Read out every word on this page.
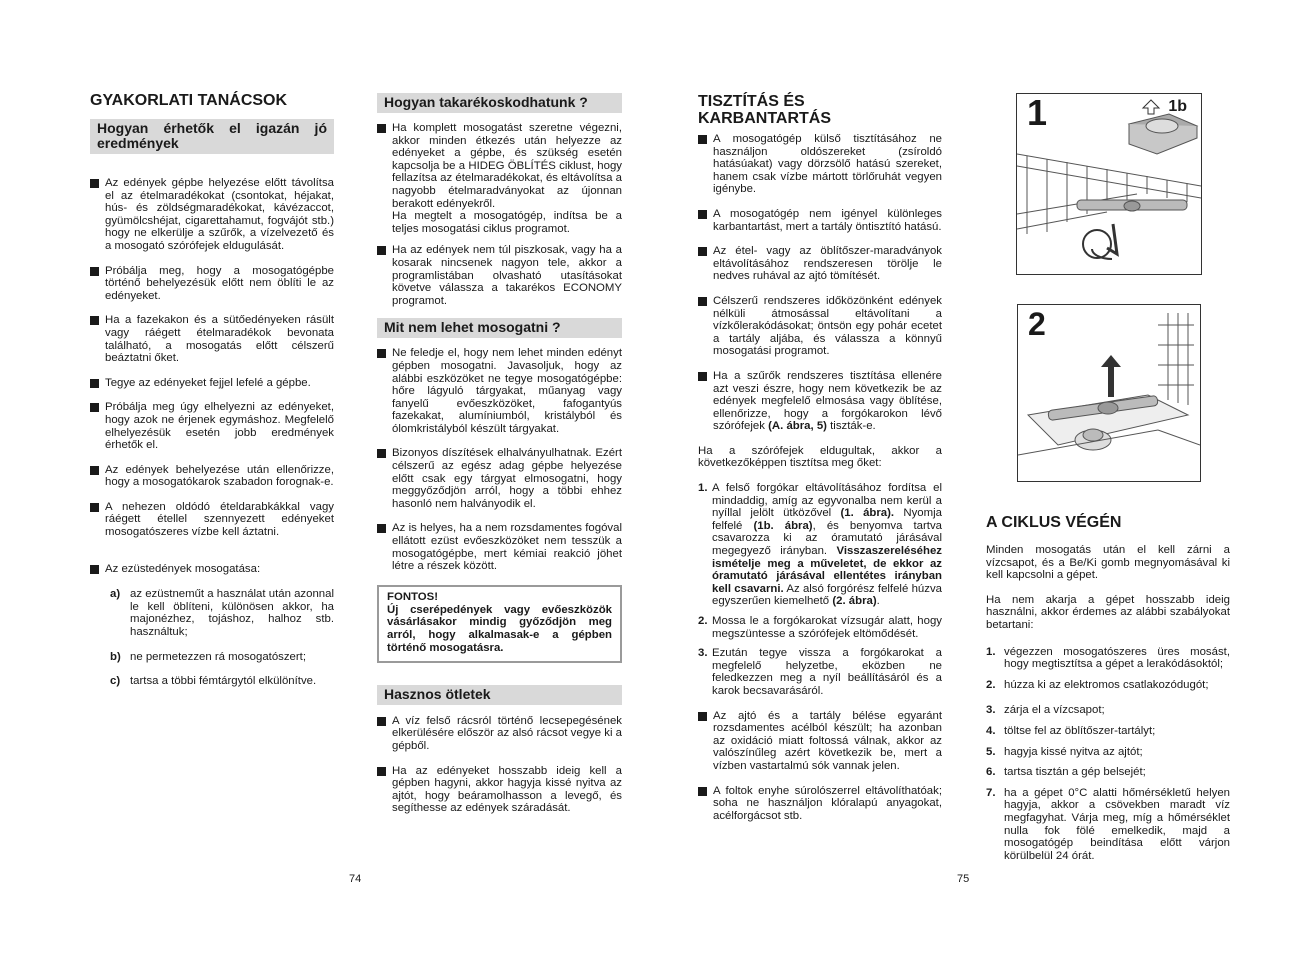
GYAKORLATI TANÁCSOK
Hogyan érhetők el igazán jó eredmények
Az edények gépbe helyezése előtt távolítsa el az ételmaradékokat (csontokat, héjakat, hús- és zöldségmaradékokat, kávézaccot, gyümölcshéjat, cigarettahamut, fogvájót stb.) hogy ne elkerülje a szűrők, a vízelvezető és a mosogató szórófejek eldugulását.
Próbálja meg, hogy a mosogatógépbe történő behelyezésük előtt nem öblíti le az edényeket.
Ha a fazekakon és a sütőedényeken rásült vagy ráégett ételmaradékok bevonata található, a mosogatás előtt célszerű beáztatni őket.
Tegye az edényeket fejjel lefelé a gépbe.
Próbálja meg úgy elhelyezni az edényeket, hogy azok ne érjenek egymáshoz. Megfelelő elhelyezésük esetén jobb eredmények érhetők el.
Az edények behelyezése után ellenőrizze, hogy a mosogatókarok szabadon forognak-e.
A nehezen oldódó ételdarabkákkal vagy ráégett étellel szennyezett edényeket mosogatószeres vízbe kell áztatni.
Az ezüstedények mosogatása:
a) az ezüstneműt a használat után azonnal le kell öblíteni, különösen akkor, ha majonézhez, tojáshoz, halhoz stb. használtuk;
b) ne permetezzen rá mosogatószert;
c) tartsa a többi fémtárgytól elkülönítve.
Hogyan takarékoskodhatunk ?
Ha komplett mosogatást szeretne végezni, akkor minden étkezés után helyezze az edényeket a gépbe, és szükség esetén kapcsolja be a HIDEG ÖBLÍTÉS ciklust, hogy fellazítsa az ételmaradékokat, és eltávolítsa a nagyobb ételmaradványokat az újonnan berakott edényekről.
Ha megtelt a mosogatógép, indítsa be a teljes mosogatási ciklus programot.
Ha az edények nem túl piszkosak, vagy ha a kosarak nincsenek nagyon tele, akkor a programlistában olvasható utasításokat követve válassza a takarékos ECONOMY programot.
Mit nem lehet mosogatni ?
Ne feledje el, hogy nem lehet minden edényt gépben mosogatni. Javasoljuk, hogy az alábbi eszközöket ne tegye mosogatógépbe: hőre lágyuló tárgyakat, műanyag vagy fanyelű evőeszközöket, fafogantyús fazekakat, alumíniumból, kristályból és ólomkristályból készült tárgyakat.
Bizonyos díszítések elhalványulhatnak. Ezért célszerű az egész adag gépbe helyezése előtt csak egy tárgyat elmosogatni, hogy meggyőződjön arról, hogy a többi ehhez hasonló nem halványodik el.
Az is helyes, ha a nem rozsdamentes fogóval ellátott ezüst evőeszközöket nem tesszük a mosogatógépbe, mert kémiai reakció jöhet létre a részek között.
FONTOS!
Új cserépedények vagy evőeszközök vásárlásakor mindig győződjön meg arról, hogy alkalmasak-e a gépben történő mosogatásra.
Hasznos ötletek
A víz felső rácsról történő lecsepegésének elkerülésére először az alsó rácsot vegye ki a gépből.
Ha az edényeket hosszabb ideig kell a gépben hagyni, akkor hagyja kissé nyitva az ajtót, hogy beáramolhasson a levegő, és segíthesse az edények száradását.
74
TISZTÍTÁS ÉS KARBANTARTÁS
A mosogatógép külső tisztításához ne használjon oldószereket (zsíroldó hatásúakat) vagy dörzsölő hatású szereket, hanem csak vízbe mártott törlőruhát vegyen igénybe.
A mosogatógép nem igényel különleges karbantartást, mert a tartály öntisztító hatású.
Az étel- vagy az öblítőszer-maradványok eltávolításához rendszeresen törölje le nedves ruhával az ajtó tömítését.
Célszerű rendszeres időközönként edények nélküli átmosással eltávolítani a vízkőlerakódásokat; öntsön egy pohár ecetet a tartály aljába, és válassza a könnyű mosogatási programot.
Ha a szűrők rendszeres tisztítása ellenére azt veszi észre, hogy nem következik be az edények megfelelő elmosása vagy öblítése, ellenőrizze, hogy a forgókarokon lévő szórófejek (A. ábra, 5) tiszták-e.
Ha a szórófejek eldugultak, akkor a következőképpen tisztítsa meg őket:
1. A felső forgókar eltávolításához fordítsa el mindaddig, amíg az egyvonalba nem kerül a nyíllal jelölt ütközővel (1. ábra). Nyomja felfelé (1b. ábra), és benyomva tartva csavarozza ki az óramutató járásával megegyező irányban. Visszaszereléséhez ismételje meg a műveletet, de ekkor az óramutató járásával ellentétes irányban kell csavarni. Az alsó forgórész felfelé húzva egyszerűen kiemelhető (2. ábra).
2. Mossa le a forgókarokat vízsugár alatt, hogy megszüntesse a szórófejek eltömődését.
3. Ezután tegye vissza a forgókarokat a megfelelő helyzetbe, eközben ne feledkezzen meg a nyíl beállításáról és a karok becsavarásáról.
Az ajtó és a tartály bélése egyaránt rozsdamentes acélból készült; ha azonban az oxidáció miatt foltossá válnak, akkor az valószínűleg azért következik be, mert a vízben vastartalmú sók vannak jelen.
A foltok enyhe súrolószerrel eltávolíthatóak; soha ne használjon klóralapú anyagokat, acélforgácsot stb.
1	1b
2
A CIKLUS VÉGÉN
Minden mosogatás után el kell zárni a vízcsapot, és a Be/Ki gomb megnyomásával ki kell kapcsolni a gépet.
Ha nem akarja a gépet hosszabb ideig használni, akkor érdemes az alábbi szabályokat betartani:
1. végezzen mosogatószeres üres mosást, hogy megtisztítsa a gépet a lerakódásoktól;
2. húzza ki az elektromos csatlakozódugót;
3. zárja el a vízcsapot;
4. töltse fel az öblítőszer-tartályt;
5. hagyja kissé nyitva az ajtót;
6. tartsa tisztán a gép belsejét;
7. ha a gépet 0°C alatti hőmérsékletű helyen hagyja, akkor a csövekben maradt víz megfagyhat. Várja meg, míg a hőmérséklet nulla fok fölé emelkedik, majd a mosogatógép beindítása előtt várjon körülbelül 24 órát.
75
